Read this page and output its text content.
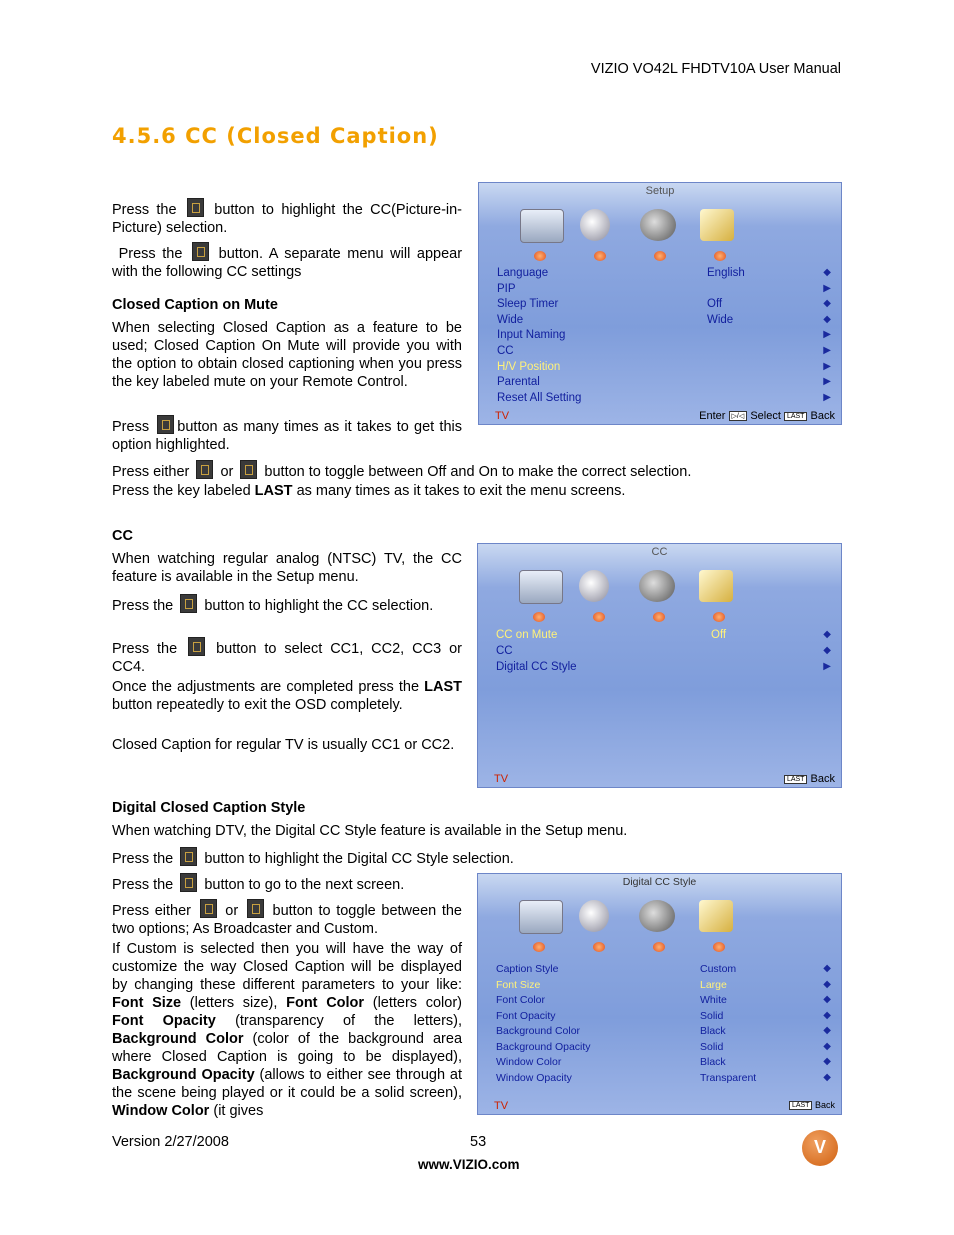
VIZIO VO42L FHDTV10A User Manual
4.5.6 CC (Closed Caption)
Press the	button to highlight the CC(Picture-in-Picture) selection.
Press the button. A separate menu will appear with the following CC settings
Closed Caption on Mute
When selecting Closed Caption as a feature to be used; Closed Caption On Mute will provide you with the option to obtain closed captioning when you press the key labeled mute on your Remote Control.
Press button as many times as it takes to get this option highlighted.
Press either or button to toggle between Off and On to make the correct selection.
Press the key labeled LAST as many times as it takes to exit the menu screens.
Setup
Language	English	◆
PIP	▶
Sleep Timer	Off	◆
Wide	Wide	◆
Input Naming	▶
CC	▶
H/V Position	▶
Parental	▶
Reset All Setting	▶
TV	Enter ▷/◁ Select LAST Back
CC
When watching regular analog (NTSC) TV, the CC feature is available in the Setup menu.
Press the button to highlight the CC selection.
Press the	button to select CC1, CC2, CC3 or CC4.
Once the adjustments are completed press the LAST button repeatedly to exit the OSD completely.
Closed Caption for regular TV is usually CC1 or CC2.
CC
CC on Mute	Off	◆
CC	◆
Digital CC Style	▶
TV	LAST Back
Digital Closed Caption Style
When watching DTV, the Digital CC Style feature is available in the Setup menu.
Press the button to highlight the Digital CC Style selection.
Press the button to go to the next screen.
Press either or button to toggle between the two options; As Broadcaster and Custom.
If Custom is selected then you will have the way of customize the way Closed Caption will be displayed by changing these different parameters to your like: Font Size (letters size), Font Color (letters color) Font Opacity (transparency of the letters), Background Color (color of the background area where Closed Caption is going to be displayed), Background Opacity (allows to either see through at the scene being played or it could be a solid screen), Window Color (it gives
Digital CC Style
Caption Style	Custom	◆
Font Size	Large	◆
Font Color	White	◆
Font Opacity	Solid	◆
Background Color	Black	◆
Background Opacity	Solid	◆
Window Color	Black	◆
Window Opacity	Transparent	◆
TV	LAST Back
Version 2/27/2008	53
www.VIZIO.com
V
